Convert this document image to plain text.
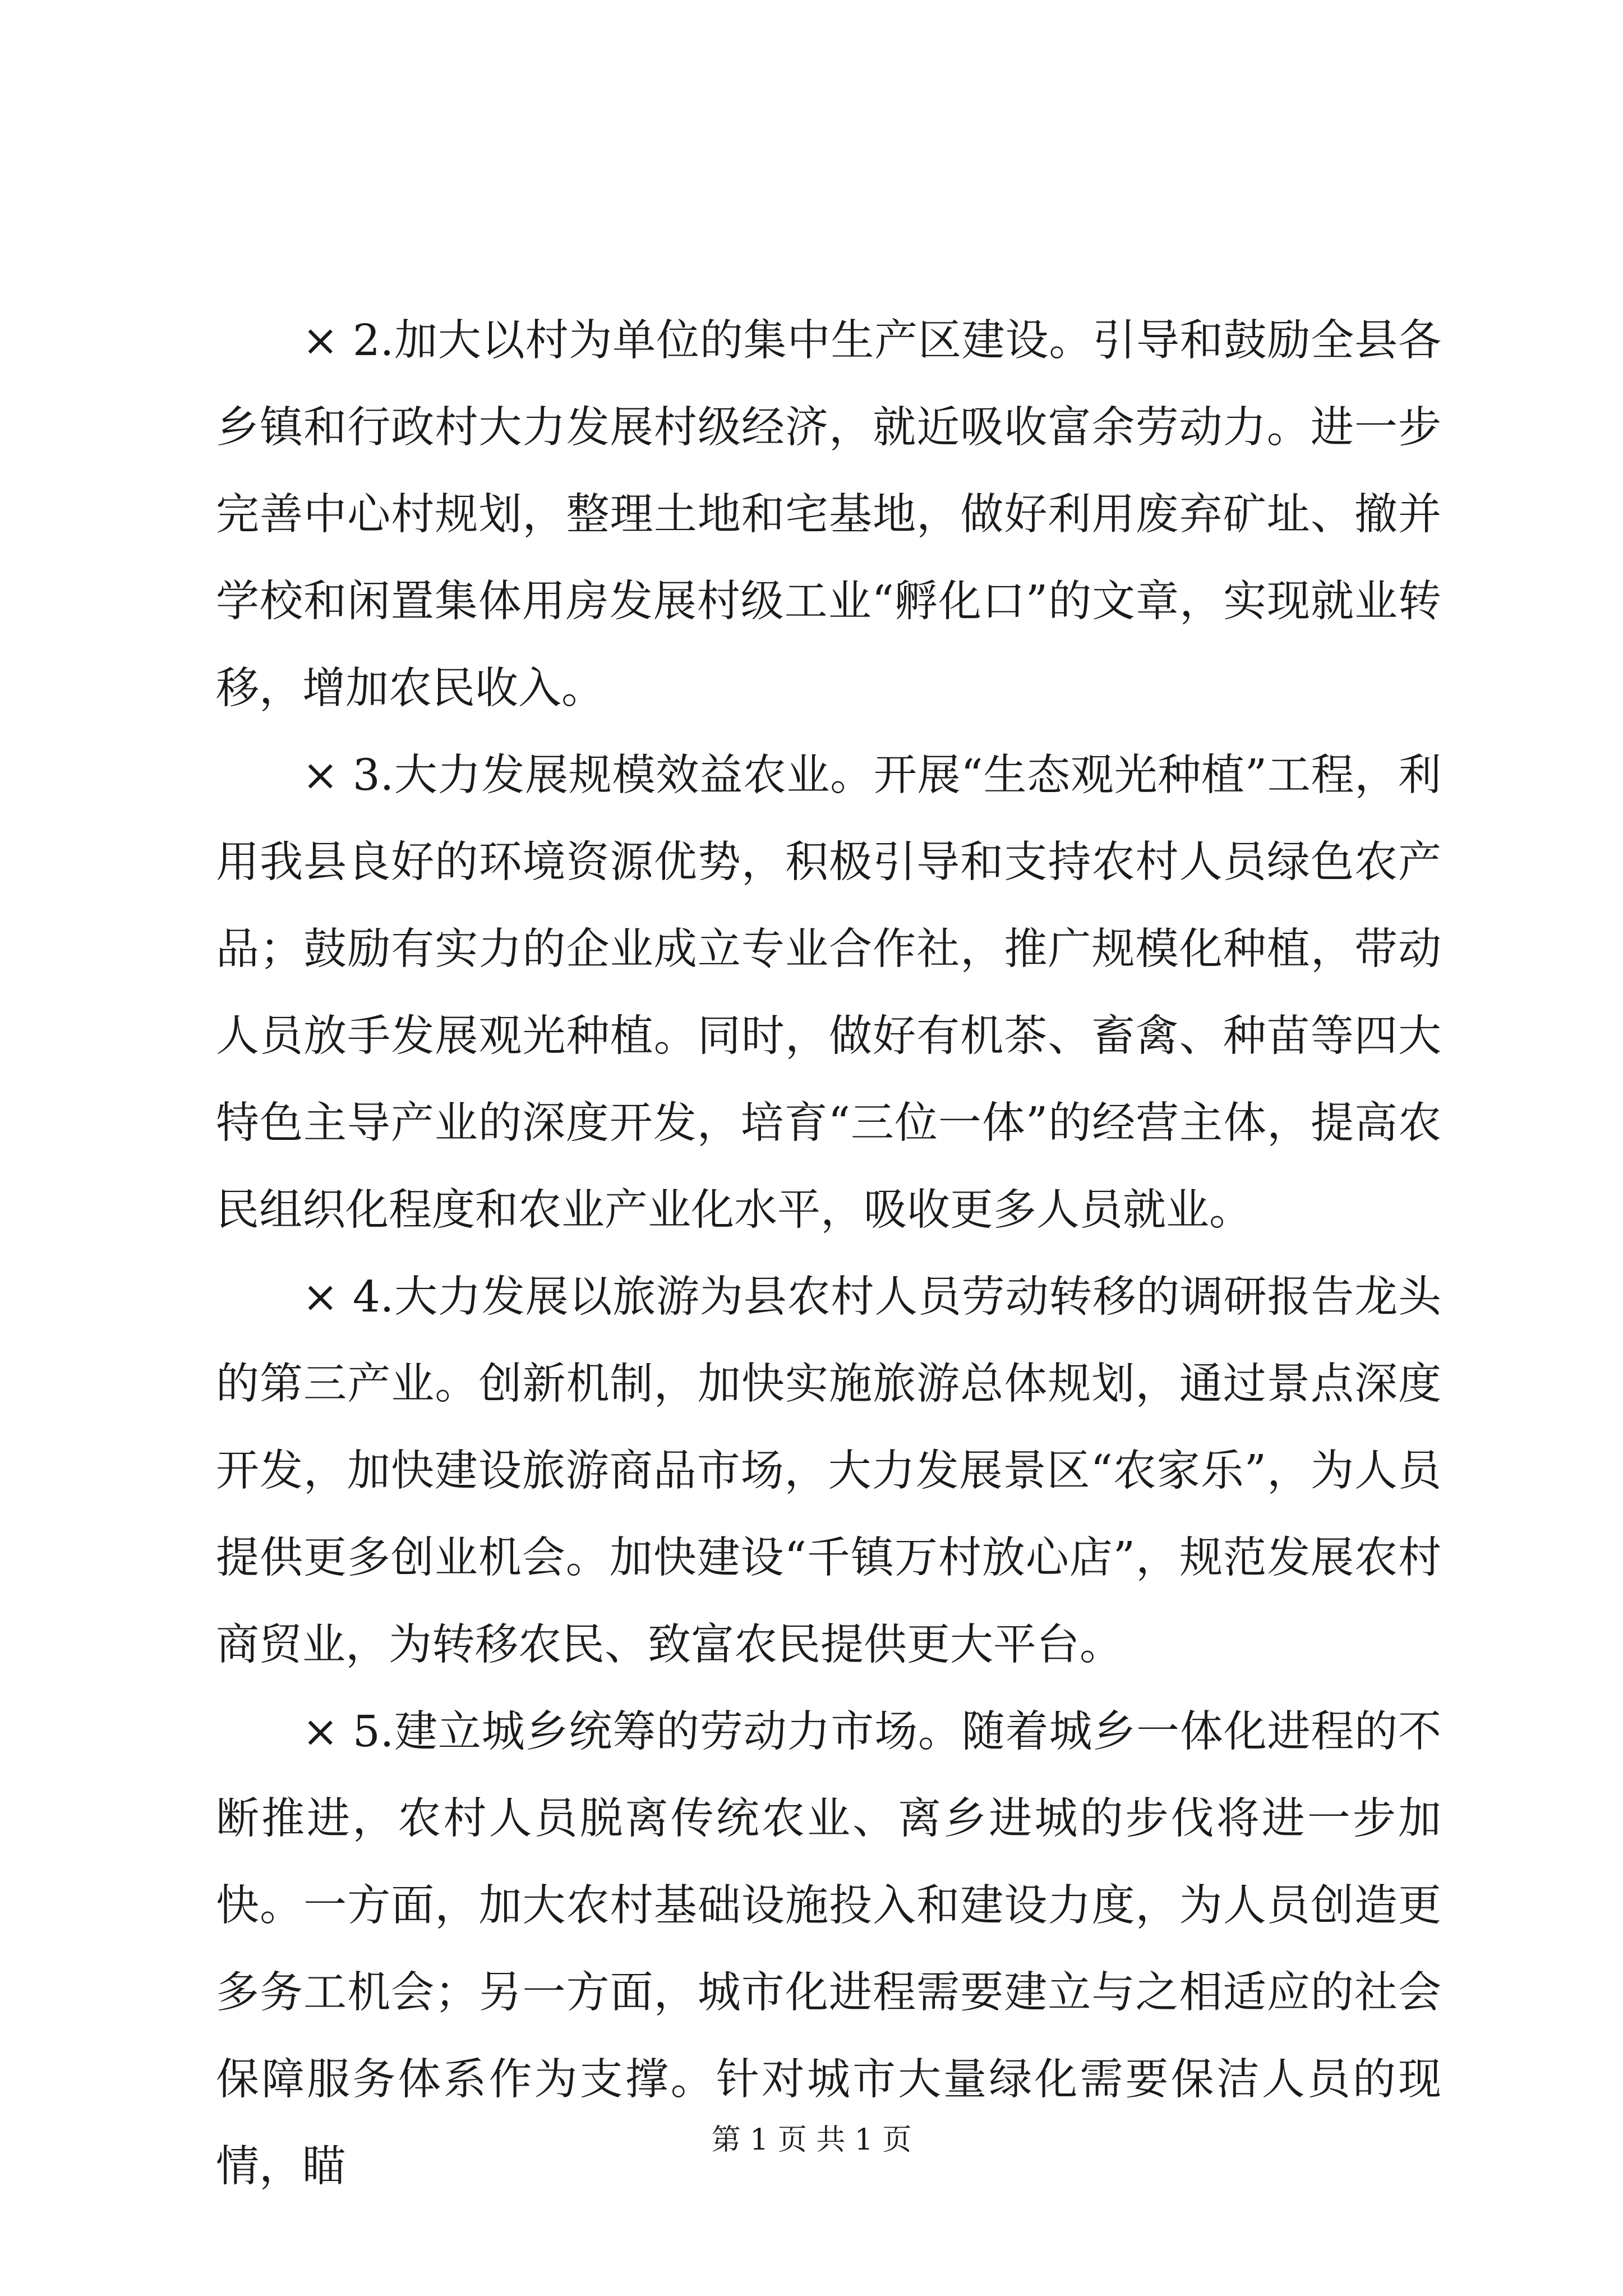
× 2.加大以村为单位的集中生产区建设。引导和鼓励全县各乡镇和行政村大力发展村级经济，就近吸收富余劳动力。进一步完善中心村规划，整理土地和宅基地，做好利用废弃矿址、撤并学校和闲置集体用房发展村级工业“孵化口”的文章，实现就业转移，增加农民收入。

× 3.大力发展规模效益农业。开展“生态观光种植”工程，利用我县良好的环境资源优势，积极引导和支持农村人员绿色农产品；鼓励有实力的企业成立专业合作社，推广规模化种植，带动人员放手发展观光种植。同时，做好有机茶、畜禽、种苗等四大特色主导产业的深度开发，培育“三位一体”的经营主体，提高农民组织化程度和农业产业化水平，吸收更多人员就业。

× 4.大力发展以旅游为县农村人员劳动转移的调研报告龙头的第三产业。创新机制，加快实施旅游总体规划，通过景点深度开发，加快建设旅游商品市场，大力发展景区“农家乐”，为人员提供更多创业机会。加快建设“千镇万村放心店”，规范发展农村商贸业，为转移农民、致富农民提供更大平台。

× 5.建立城乡统筹的劳动力市场。随着城乡一体化进程的不断推进，农村人员脱离传统农业、离乡进城的步伐将进一步加快。一方面，加大农村基础设施投入和建设力度，为人员创造更多务工机会；另一方面，城市化进程需要建立与之相适应的社会保障服务体系作为支撑。针对城市大量绿化需要保洁人员的现情，瞄

第 1 页 共 1 页
